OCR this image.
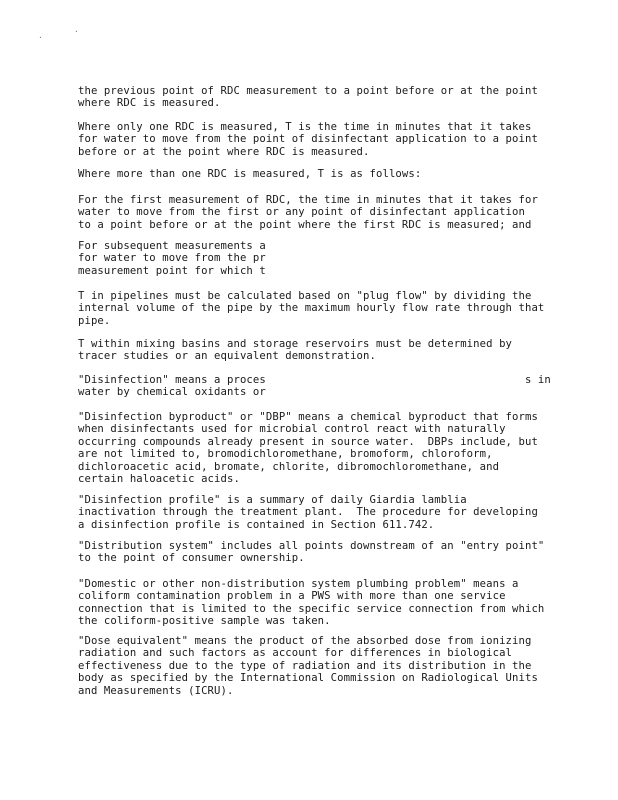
·
·
the previous point of RDC measurement to a point before or at the point
where RDC is measured.
Where only one RDC is measured, T is the time in minutes that it takes
for water to move from the point of disinfectant application to a point
before or at the point where RDC is measured.
Where more than one RDC is measured, T is as follows:
For the first measurement of RDC, the time in minutes that it takes for
water to move from the first or any point of disinfectant application
to a point before or at the point where the first RDC is measured; and
For subsequent measurements a
for water to move from the pr
measurement point for which t
T in pipelines must be calculated based on "plug flow" by dividing the
internal volume of the pipe by the maximum hourly flow rate through that
pipe.
T within mixing basins and storage reservoirs must be determined by
tracer studies or an equivalent demonstration.
"Disinfection" means a proces                                        s in
water by chemical oxidants or
"Disinfection byproduct" or "DBP" means a chemical byproduct that forms
when disinfectants used for microbial control react with naturally
occurring compounds already present in source water.  DBPs include, but
are not limited to, bromodichloromethane, bromoform, chloroform,
dichloroacetic acid, bromate, chlorite, dibromochloromethane, and
certain haloacetic acids.
"Disinfection profile" is a summary of daily Giardia lamblia
inactivation through the treatment plant.  The procedure for developing
a disinfection profile is contained in Section 611.742.
"Distribution system" includes all points downstream of an "entry point"
to the point of consumer ownership.
"Domestic or other non-distribution system plumbing problem" means a
coliform contamination problem in a PWS with more than one service
connection that is limited to the specific service connection from which
the coliform-positive sample was taken.
"Dose equivalent" means the product of the absorbed dose from ionizing
radiation and such factors as account for differences in biological
effectiveness due to the type of radiation and its distribution in the
body as specified by the International Commission on Radiological Units
and Measurements (ICRU).
